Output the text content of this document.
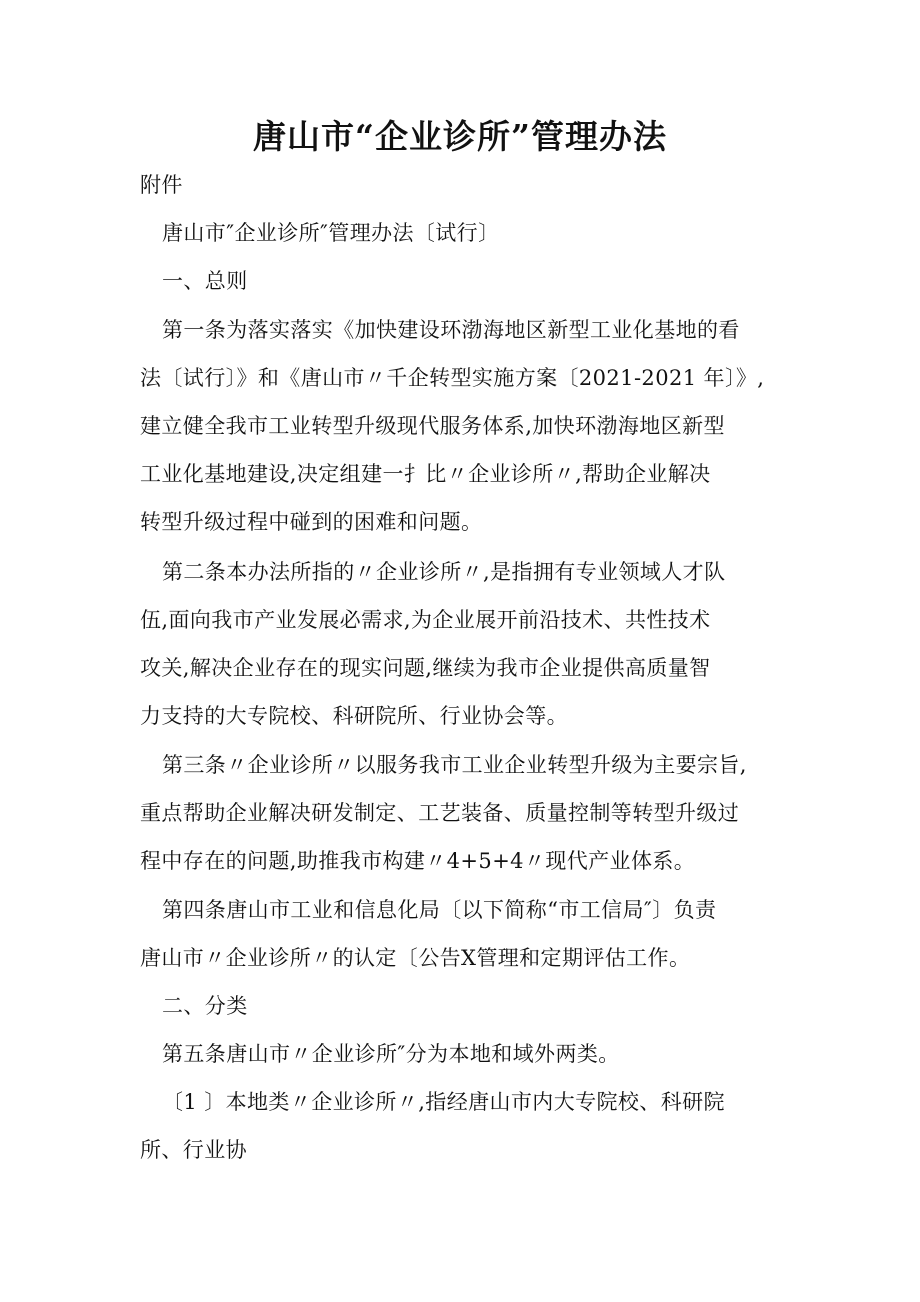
唐山市“企业诊所”管理办法
附件
唐山市″企业诊所″管理办法〔试行〕
一、总则
第一条为落实落实《加快建设环渤海地区新型工业化基地的看
法〔试行〕》和《唐山市〃千企转型实施方案〔2021-2021 年〕》,
建立健全我市工业转型升级现代服务体系,加快环渤海地区新型
工业化基地建设,决定组建一扌比〃企业诊所〃,帮助企业解决
转型升级过程中碰到的困难和问题。
第二条本办法所指的〃企业诊所〃,是指拥有专业领域人才队
伍,面向我市产业发展必需求,为企业展开前沿技术、共性技术
攻关,解决企业存在的现实问题,继续为我市企业提供高质量智
力支持的大专院校、科研院所、行业协会等。
第三条〃企业诊所〃以服务我市工业企业转型升级为主要宗旨,
重点帮助企业解决研发制定、工艺装备、质量控制等转型升级过
程中存在的问题,助推我市构建〃4+5+4〃现代产业体系。
第四条唐山市工业和信息化局〔以下简称“市工信局″〕负责
唐山市〃企业诊所〃的认定〔公告X管理和定期评估工作。
二、分类
第五条唐山市〃企业诊所″分为本地和域外两类。
〔1 〕本地类〃企业诊所〃,指经唐山市内大专院校、科研院
所、行业协
